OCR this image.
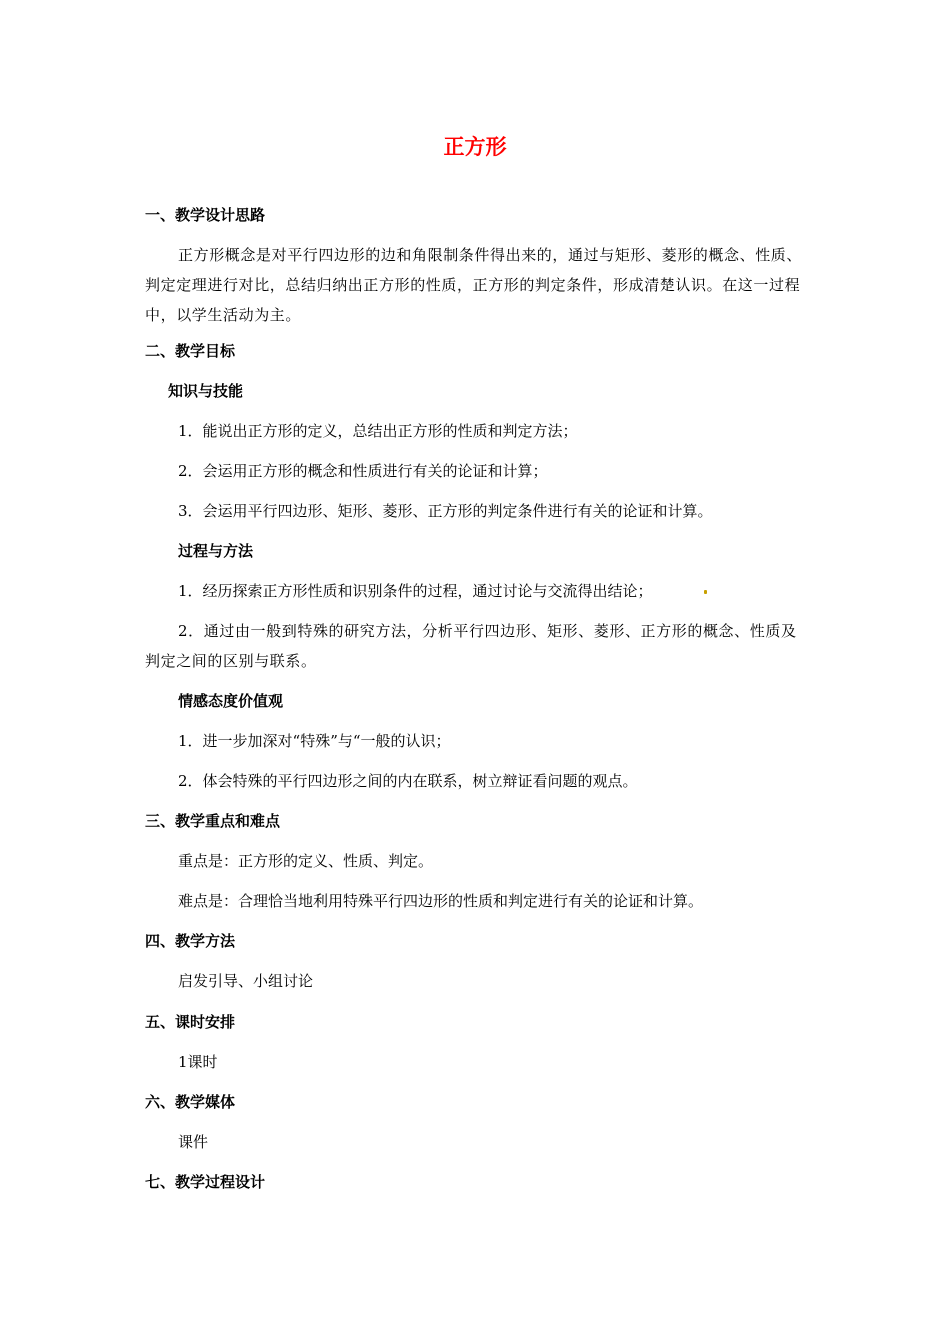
正方形
一、教学设计思路

正方形概念是对平行四边形的边和角限制条件得出来的，通过与矩形、菱形的概念、性质、判定定理进行对比，总结归纳出正方形的性质，正方形的判定条件，形成清楚认识。在这一过程中，以学生活动为主。

二、教学目标
知识与技能

1．能说出正方形的定义，总结出正方形的性质和判定方法；

2．会运用正方形的概念和性质进行有关的论证和计算；

3．会运用平行四边形、矩形、菱形、正方形的判定条件进行有关的论证和计算。

过程与方法

1．经历探索正方形性质和识别条件的过程，通过讨论与交流得出结论；

2．通过由一般到特殊的研究方法，分析平行四边形、矩形、菱形、正方形的概念、性质及判定之间的区别与联系。

情感态度价值观

1．进一步加深对“特殊”与“一般的认识；

2．体会特殊的平行四边形之间的内在联系，树立辩证看问题的观点。

三、教学重点和难点

重点是：正方形的定义、性质、判定。

难点是：合理恰当地利用特殊平行四边形的性质和判定进行有关的论证和计算。

四、教学方法

启发引导、小组讨论

五、课时安排

1课时

六、教学媒体

课件

七、教学过程设计
